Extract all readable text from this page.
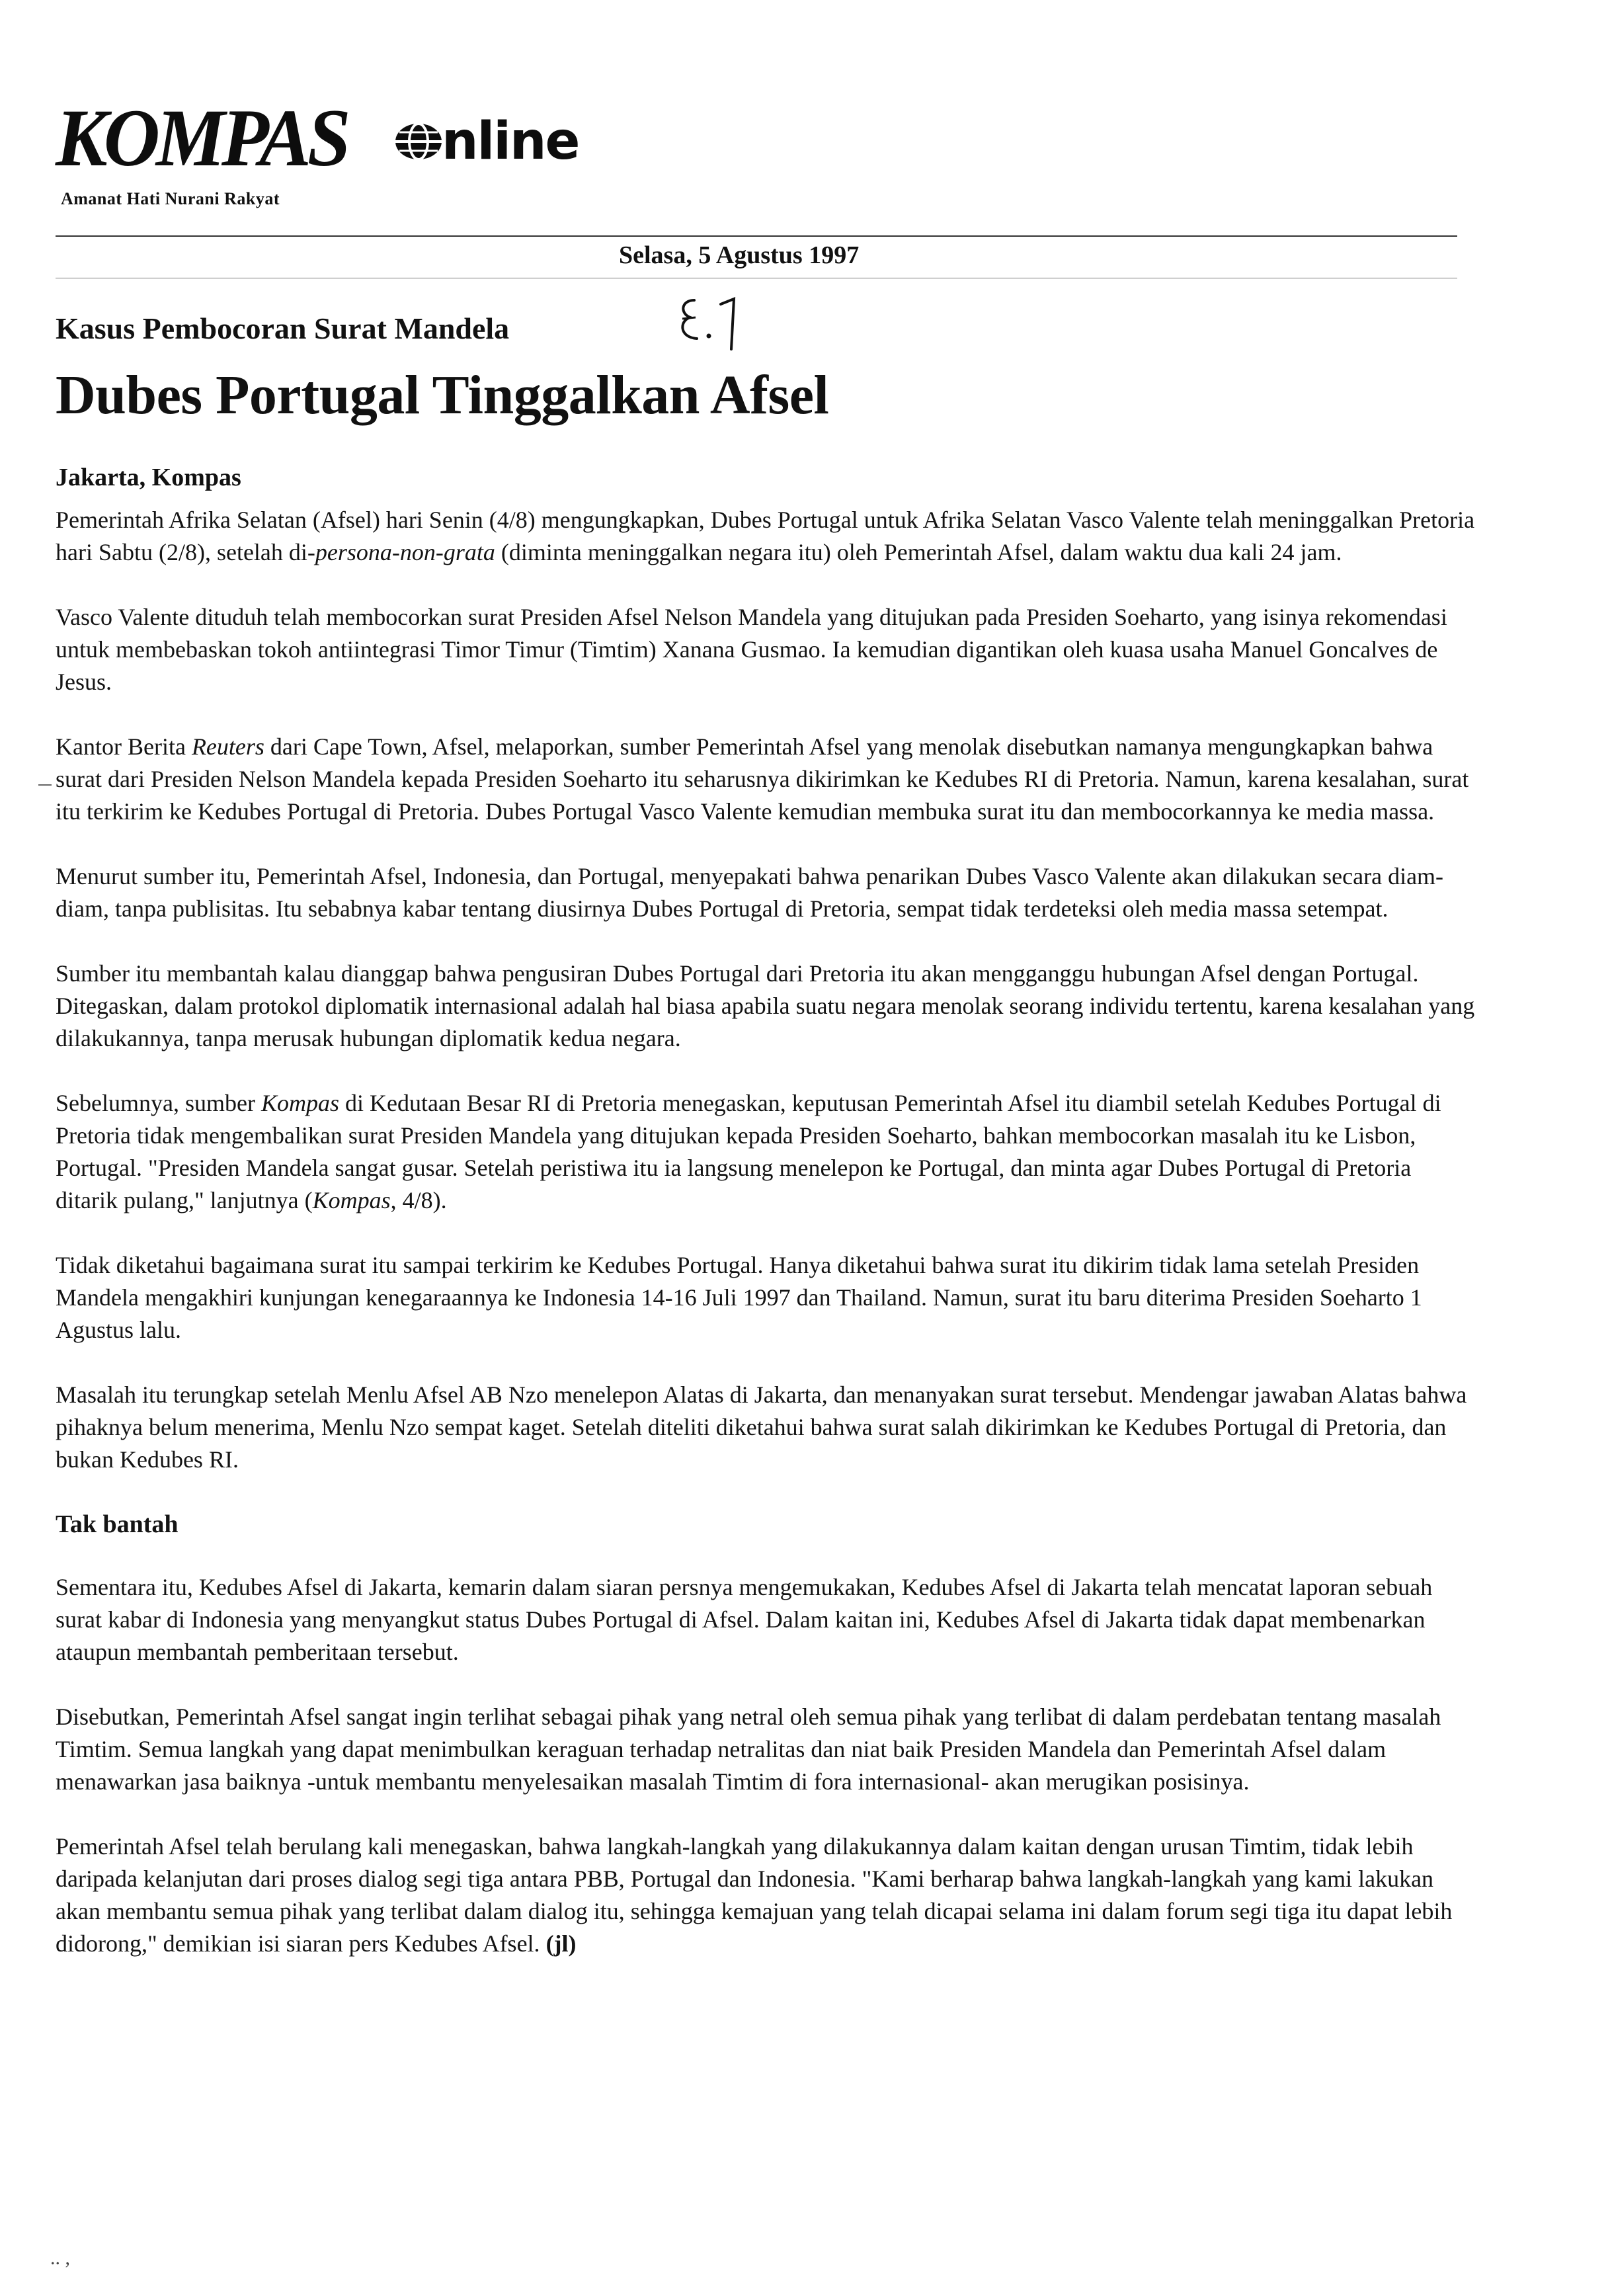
KOMPAS nline
Amanat Hati Nurani Rakyat
Selasa, 5 Agustus 1997
Kasus Pembocoran Surat Mandela
Dubes Portugal Tinggalkan Afsel
Jakarta, Kompas

Pemerintah Afrika Selatan (Afsel) hari Senin (4/8) mengungkapkan, Dubes Portugal untuk Afrika Selatan Vasco Valente telah meninggalkan Pretoria hari Sabtu (2/8), setelah di-persona-non-grata (diminta meninggalkan negara itu) oleh Pemerintah Afsel, dalam waktu dua kali 24 jam.

Vasco Valente dituduh telah membocorkan surat Presiden Afsel Nelson Mandela yang ditujukan pada Presiden Soeharto, yang isinya rekomendasi untuk membebaskan tokoh antiintegrasi Timor Timur (Timtim) Xanana Gusmao. Ia kemudian digantikan oleh kuasa usaha Manuel Goncalves de Jesus.

Kantor Berita Reuters dari Cape Town, Afsel, melaporkan, sumber Pemerintah Afsel yang menolak disebutkan namanya mengungkapkan bahwa surat dari Presiden Nelson Mandela kepada Presiden Soeharto itu seharusnya dikirimkan ke Kedubes RI di Pretoria. Namun, karena kesalahan, surat itu terkirim ke Kedubes Portugal di Pretoria. Dubes Portugal Vasco Valente kemudian membuka surat itu dan membocorkannya ke media massa.

Menurut sumber itu, Pemerintah Afsel, Indonesia, dan Portugal, menyepakati bahwa penarikan Dubes Vasco Valente akan dilakukan secara diam-diam, tanpa publisitas. Itu sebabnya kabar tentang diusirnya Dubes Portugal di Pretoria, sempat tidak terdeteksi oleh media massa setempat.

Sumber itu membantah kalau dianggap bahwa pengusiran Dubes Portugal dari Pretoria itu akan mengganggu hubungan Afsel dengan Portugal. Ditegaskan, dalam protokol diplomatik internasional adalah hal biasa apabila suatu negara menolak seorang individu tertentu, karena kesalahan yang dilakukannya, tanpa merusak hubungan diplomatik kedua negara.

Sebelumnya, sumber Kompas di Kedutaan Besar RI di Pretoria menegaskan, keputusan Pemerintah Afsel itu diambil setelah Kedubes Portugal di Pretoria tidak mengembalikan surat Presiden Mandela yang ditujukan kepada Presiden Soeharto, bahkan membocorkan masalah itu ke Lisbon, Portugal. "Presiden Mandela sangat gusar. Setelah peristiwa itu ia langsung menelepon ke Portugal, dan minta agar Dubes Portugal di Pretoria ditarik pulang," lanjutnya (Kompas, 4/8).

Tidak diketahui bagaimana surat itu sampai terkirim ke Kedubes Portugal. Hanya diketahui bahwa surat itu dikirim tidak lama setelah Presiden Mandela mengakhiri kunjungan kenegaraannya ke Indonesia 14-16 Juli 1997 dan Thailand. Namun, surat itu baru diterima Presiden Soeharto 1 Agustus lalu.

Masalah itu terungkap setelah Menlu Afsel AB Nzo menelepon Alatas di Jakarta, dan menanyakan surat tersebut. Mendengar jawaban Alatas bahwa pihaknya belum menerima, Menlu Nzo sempat kaget. Setelah diteliti diketahui bahwa surat salah dikirimkan ke Kedubes Portugal di Pretoria, dan bukan Kedubes RI.

Tak bantah

Sementara itu, Kedubes Afsel di Jakarta, kemarin dalam siaran persnya mengemukakan, Kedubes Afsel di Jakarta telah mencatat laporan sebuah surat kabar di Indonesia yang menyangkut status Dubes Portugal di Afsel. Dalam kaitan ini, Kedubes Afsel di Jakarta tidak dapat membenarkan ataupun membantah pemberitaan tersebut.

Disebutkan, Pemerintah Afsel sangat ingin terlihat sebagai pihak yang netral oleh semua pihak yang terlibat di dalam perdebatan tentang masalah Timtim. Semua langkah yang dapat menimbulkan keraguan terhadap netralitas dan niat baik Presiden Mandela dan Pemerintah Afsel dalam menawarkan jasa baiknya -untuk membantu menyelesaikan masalah Timtim di fora internasional- akan merugikan posisinya.

Pemerintah Afsel telah berulang kali menegaskan, bahwa langkah-langkah yang dilakukannya dalam kaitan dengan urusan Timtim, tidak lebih daripada kelanjutan dari proses dialog segi tiga antara PBB, Portugal dan Indonesia. "Kami berharap bahwa langkah-langkah yang kami lakukan akan membantu semua pihak yang terlibat dalam dialog itu, sehingga kemajuan yang telah dicapai selama ini dalam forum segi tiga itu dapat lebih didorong," demikian isi siaran pers Kedubes Afsel. (jl)

.. ,
